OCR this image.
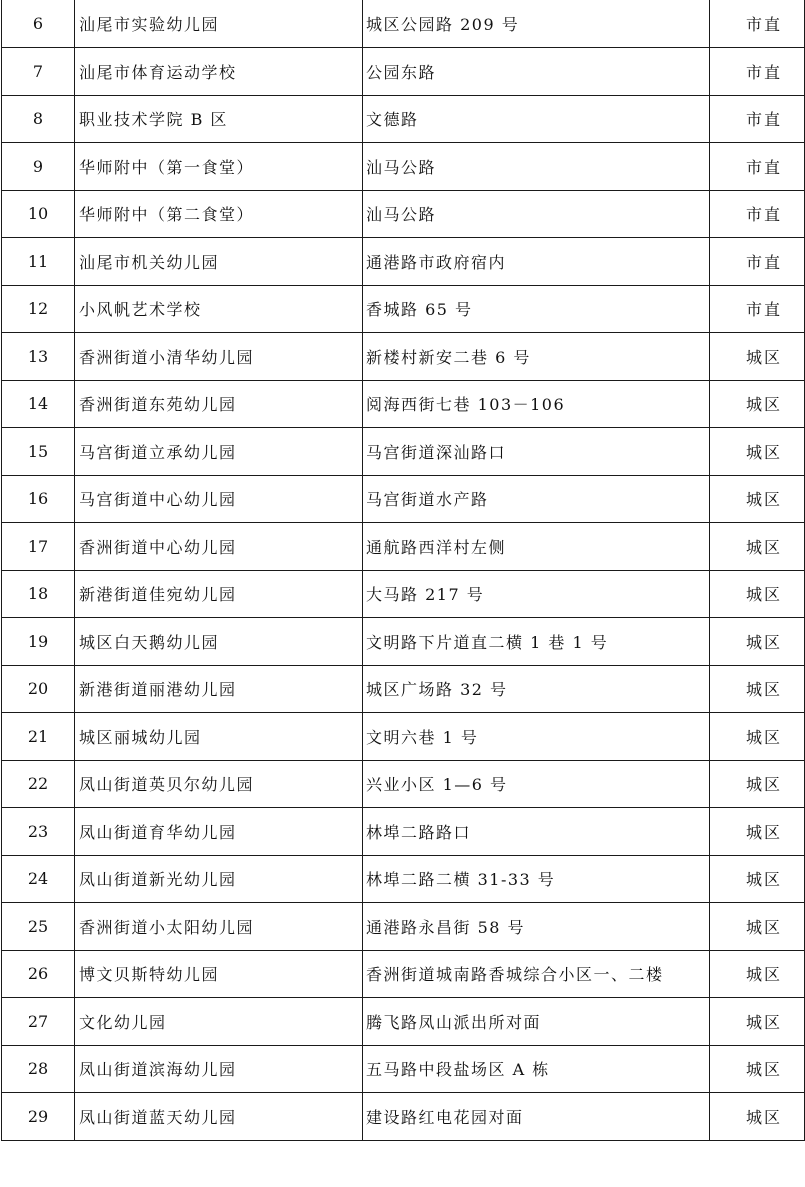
6	汕尾市实验幼儿园	城区公园路 209 号	市直
7	汕尾市体育运动学校	公园东路	市直
8	职业技术学院 B 区	文德路	市直
9	华师附中（第一食堂）	汕马公路	市直
10	华师附中（第二食堂）	汕马公路	市直
11	汕尾市机关幼儿园	通港路市政府宿内	市直
12	小风帆艺术学校	香城路 65 号	市直
13	香洲街道小清华幼儿园	新楼村新安二巷 6 号	城区
14	香洲街道东苑幼儿园	阅海西街七巷 103－106	城区
15	马宫街道立承幼儿园	马宫街道深汕路口	城区
16	马宫街道中心幼儿园	马宫街道水产路	城区
17	香洲街道中心幼儿园	通航路西洋村左侧	城区
18	新港街道佳宛幼儿园	大马路 217 号	城区
19	城区白天鹅幼儿园	文明路下片道直二横 1 巷 1 号	城区
20	新港街道丽港幼儿园	城区广场路 32 号	城区
21	城区丽城幼儿园	文明六巷 1 号	城区
22	凤山街道英贝尔幼儿园	兴业小区 1—6 号	城区
23	凤山街道育华幼儿园	林埠二路路口	城区
24	凤山街道新光幼儿园	林埠二路二横 31-33 号	城区
25	香洲街道小太阳幼儿园	通港路永昌街 58 号	城区
26	博文贝斯特幼儿园	香洲街道城南路香城综合小区一、二楼	城区
27	文化幼儿园	腾飞路凤山派出所对面	城区
28	凤山街道滨海幼儿园	五马路中段盐场区 A 栋	城区
29	凤山街道蓝天幼儿园	建设路红电花园对面	城区
